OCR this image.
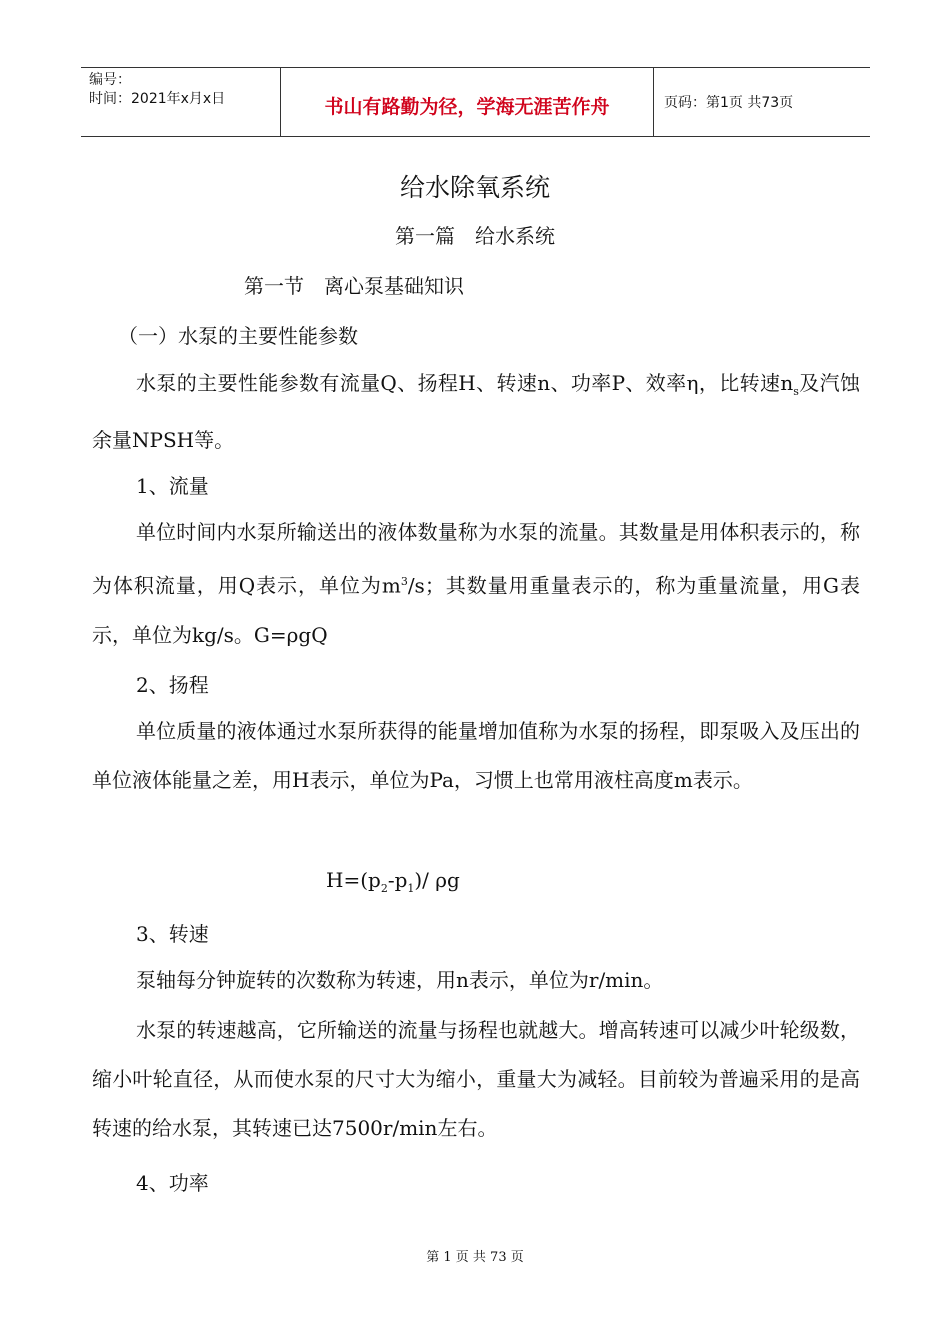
编号：
时间：2021年x月x日	书山有路勤为径，学海无涯苦作舟	页码：第1页 共73页
给水除氧系统
第一篇　给水系统
第一节　离心泵基础知识
（一）水泵的主要性能参数
水泵的主要性能参数有流量Q、扬程H、转速n、功率P、效率η，比转速$n_s$及汽蚀余量NPSH等。
1、流量
单位时间内水泵所输送出的液体数量称为水泵的流量。其数量是用体积表示的，称为体积流量，用Q表示，单位为$m^3/s$；其数量用重量表示的，称为重量流量，用G表示，单位为kg/s。G=ρgQ
2、扬程
单位质量的液体通过水泵所获得的能量增加值称为水泵的扬程，即泵吸入及压出的单位液体能量之差，用H表示，单位为Pa，习惯上也常用液柱高度m表示。
$H=(p_2-p_1)/$ ρg
3、转速
泵轴每分钟旋转的次数称为转速，用n表示，单位为r/min。
水泵的转速越高，它所输送的流量与扬程也就越大。增高转速可以减少叶轮级数，缩小叶轮直径，从而使水泵的尺寸大为缩小，重量大为减轻。目前较为普遍采用的是高转速的给水泵，其转速已达7500r/min左右。
4、功率
第 1 页 共 73 页
